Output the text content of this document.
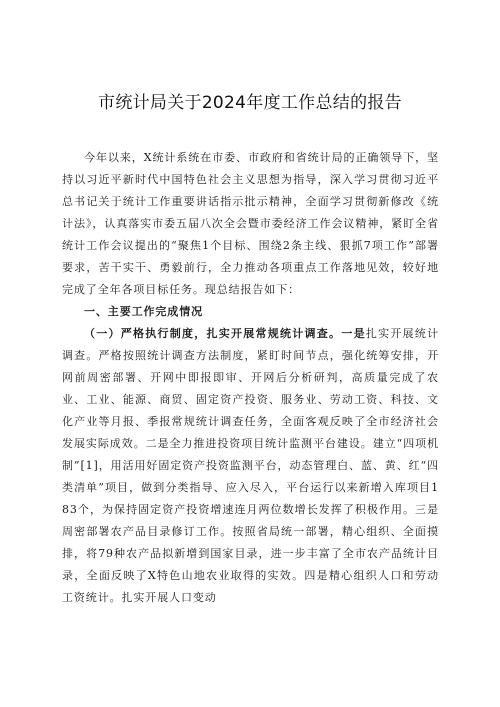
市统计局关于2024年度工作总结的报告

今年以来，X统计系统在市委、市政府和省统计局的正确领导下，坚持以习近平新时代中国特色社会主义思想为指导，深入学习贯彻习近平总书记关于统计工作重要讲话指示批示精神，全面学习贯彻新修改《统计法》，认真落实市委五届八次全会暨市委经济工作会议精神，紧盯全省统计工作会议提出的“聚焦1个目标、围绕2条主线、狠抓7项工作”部署要求，苦干实干、勇毅前行，全力推动各项重点工作落地见效，较好地完成了全年各项目标任务。现总结报告如下：

一、主要工作完成情况

（一）严格执行制度，扎实开展常规统计调查。一是扎实开展统计调查。严格按照统计调查方法制度，紧盯时间节点，强化统筹安排，开网前周密部署、开网中即报即审、开网后分析研判，高质量完成了农业、工业、能源、商贸、固定资产投资、服务业、劳动工资、科技、文化产业等月报、季报常规统计调查任务，全面客观反映了全市经济社会发展实际成效。二是全力推进投资项目统计监测平台建设。建立“四项机制”[1]，用活用好固定资产投资监测平台，动态管理白、蓝、黄、红“四类清单”项目，做到分类指导、应入尽入，平台运行以来新增入库项目183个，为保持固定资产投资增速连月两位数增长发挥了积极作用。三是周密部署农产品目录修订工作。按照省局统一部署，精心组织、全面摸排，将79种农产品拟新增到国家目录，进一步丰富了全市农产品统计目录，全面反映了X特色山地农业取得的实效。四是精心组织人口和劳动工资统计。扎实开展人口变动
